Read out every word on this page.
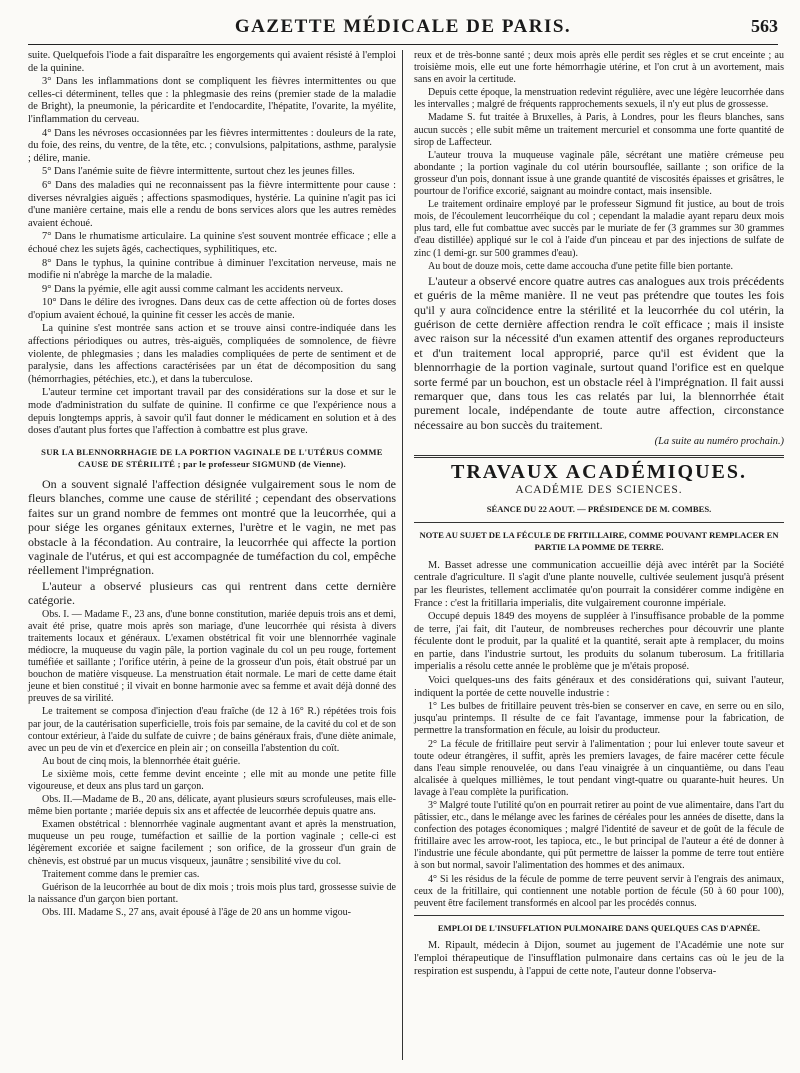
GAZETTE MÉDICALE DE PARIS.	563

suite. Quelquefois l'iode a fait disparaître les engorgements qui avaient résisté à l'emploi de la quinine.

3° Dans les inflammations dont se compliquent les fièvres intermittentes ou que celles-ci déterminent, telles que : la phlegmasie des reins (premier stade de la maladie de Bright), la pneumonie, la péricardite et l'endocardite, l'hépatite, l'ovarite, la myélite, l'inflammation du cerveau.

4° Dans les névroses occasionnées par les fièvres intermittentes : douleurs de la rate, du foie, des reins, du ventre, de la tête, etc. ; convulsions, palpitations, asthme, paralysie ; délire, manie.

5° Dans l'anémie suite de fièvre intermittente, surtout chez les jeunes filles.

6° Dans des maladies qui ne reconnaissent pas la fièvre intermittente pour cause : diverses névralgies aiguës ; affections spasmodiques, hystérie. La quinine n'agit pas ici d'une manière certaine, mais elle a rendu de bons services alors que les autres remèdes avaient échoué.

7° Dans le rhumatisme articulaire. La quinine s'est souvent montrée efficace ; elle a échoué chez les sujets âgés, cachectiques, syphilitiques, etc.

8° Dans le typhus, la quinine contribue à diminuer l'excitation nerveuse, mais ne modifie ni n'abrège la marche de la maladie.

9° Dans la pyémie, elle agit aussi comme calmant les accidents nerveux.

10° Dans le délire des ivrognes. Dans deux cas de cette affection où de fortes doses d'opium avaient échoué, la quinine fit cesser les accès de manie.

La quinine s'est montrée sans action et se trouve ainsi contre-indiquée dans les affections périodiques ou autres, très-aiguës, compliquées de somnolence, de fièvre violente, de phlegmasies ; dans les maladies compliquées de perte de sentiment et de paralysie, dans les affections caractérisées par un état de décomposition du sang (hémorrhagies, pétéchies, etc.), et dans la tuberculose.

L'auteur termine cet important travail par des considérations sur la dose et sur le mode d'administration du sulfate de quinine. Il confirme ce que l'expérience nous a depuis longtemps appris, à savoir qu'il faut donner le médicament en solution et à des doses d'autant plus fortes que l'affection à combattre est plus grave.

SUR LA BLENNORRHAGIE DE LA PORTION VAGINALE DE L'UTÉRUS COMME CAUSE DE STÉRILITÉ ; par le professeur SIGMUND (de Vienne).

On a souvent signalé l'affection désignée vulgairement sous le nom de fleurs blanches, comme une cause de stérilité ; cependant des observations faites sur un grand nombre de femmes ont montré que la leucorrhée, qui a pour siége les organes génitaux externes, l'urètre et le vagin, ne met pas obstacle à la fécondation. Au contraire, la leucorrhée qui affecte la portion vaginale de l'utérus, et qui est accompagnée de tuméfaction du col, empêche réellement l'imprégnation.

L'auteur a observé plusieurs cas qui rentrent dans cette dernière catégorie.

Obs. I. — Madame F., 23 ans, d'une bonne constitution, mariée depuis trois ans et demi, avait été prise, quatre mois après son mariage, d'une leucorrhée qui résista à divers traitements locaux et généraux. L'examen obstétrical fit voir une blennorrhée vaginale médiocre, la muqueuse du vagin pâle, la portion vaginale du col un peu rouge, fortement tuméfiée et saillante ; l'orifice utérin, à peine de la grosseur d'un pois, était obstrué par un bouchon de matière visqueuse. La menstruation était normale. Le mari de cette dame était jeune et bien constitué ; il vivait en bonne harmonie avec sa femme et avait déjà donné des preuves de sa virilité.

Le traitement se composa d'injection d'eau fraîche (de 12 à 16° R.) répétées trois fois par jour, de la cautérisation superficielle, trois fois par semaine, de la cavité du col et de son contour extérieur, à l'aide du sulfate de cuivre ; de bains généraux frais, d'une diète animale, avec un peu de vin et d'exercice en plein air ; on conseilla l'abstention du coït.

Au bout de cinq mois, la blennorrhée était guérie.

Le sixième mois, cette femme devint enceinte ; elle mit au monde une petite fille vigoureuse, et deux ans plus tard un garçon.

Obs. II.—Madame de B., 20 ans, délicate, ayant plusieurs sœurs scrofuleuses, mais elle-même bien portante ; mariée depuis six ans et affectée de leucorrhée depuis quatre ans.

Examen obstétrical : blennorrhée vaginale augmentant avant et après la menstruation, muqueuse un peu rouge, tuméfaction et saillie de la portion vaginale ; celle-ci est légèrement excoriée et saigne facilement ; son orifice, de la grosseur d'un grain de chènevis, est obstrué par un mucus visqueux, jaunâtre ; sensibilité vive du col.

Traitement comme dans le premier cas.

Guérison de la leucorrhée au bout de dix mois ; trois mois plus tard, grossesse suivie de la naissance d'un garçon bien portant.

Obs. III. Madame S., 27 ans, avait épousé à l'âge de 20 ans un homme vigou-

reux et de très-bonne santé ; deux mois après elle perdit ses règles et se crut enceinte ; au troisième mois, elle eut une forte hémorrhagie utérine, et l'on crut à un avortement, mais sans en avoir la certitude.

Depuis cette époque, la menstruation redevint régulière, avec une légère leucorrhée dans les intervalles ; malgré de fréquents rapprochements sexuels, il n'y eut plus de grossesse.

Madame S. fut traitée à Bruxelles, à Paris, à Londres, pour les fleurs blanches, sans aucun succès ; elle subit même un traitement mercuriel et consomma une forte quantité de sirop de Laffecteur.

L'auteur trouva la muqueuse vaginale pâle, sécrétant une matière crémeuse peu abondante ; la portion vaginale du col utérin boursouflée, saillante ; son orifice de la grosseur d'un pois, donnant issue à une grande quantité de viscosités épaisses et grisâtres, le pourtour de l'orifice excorié, saignant au moindre contact, mais insensible.

Le traitement ordinaire employé par le professeur Sigmund fit justice, au bout de trois mois, de l'écoulement leucorrhéique du col ; cependant la maladie ayant reparu deux mois plus tard, elle fut combattue avec succès par le muriate de fer (3 grammes sur 30 grammes d'eau distillée) appliqué sur le col à l'aide d'un pinceau et par des injections de sulfate de zinc (1 demi-gr. sur 500 grammes d'eau).

Au bout de douze mois, cette dame accoucha d'une petite fille bien portante.

L'auteur a observé encore quatre autres cas analogues aux trois précédents et guéris de la même manière. Il ne veut pas prétendre que toutes les fois qu'il y aura coïncidence entre la stérilité et la leucorrhée du col utérin, la guérison de cette dernière affection rendra le coït efficace ; mais il insiste avec raison sur la nécessité d'un examen attentif des organes reproducteurs et d'un traitement local approprié, parce qu'il est évident que la blennorrhagie de la portion vaginale, surtout quand l'orifice est en quelque sorte fermé par un bouchon, est un obstacle réel à l'imprégnation. Il fait aussi remarquer que, dans tous les cas relatés par lui, la blennorrhée était purement locale, indépendante de toute autre affection, circonstance nécessaire au bon succès du traitement.

(La suite au numéro prochain.)
TRAVAUX ACADÉMIQUES.
ACADÉMIE DES SCIENCES.
SÉANCE DU 22 AOUT. — PRÉSIDENCE DE M. COMBES.
NOTE AU SUJET DE LA FÉCULE DE FRITILLAIRE, COMME POUVANT REMPLACER EN PARTIE LA POMME DE TERRE.

M. Basset adresse une communication accueillie déjà avec intérêt par la Société centrale d'agriculture. Il s'agit d'une plante nouvelle, cultivée seulement jusqu'à présent par les fleuristes, tellement acclimatée qu'on pourrait la considérer comme indigène en France : c'est la fritillaria imperialis, dite vulgairement couronne impériale.

Occupé depuis 1849 des moyens de suppléer à l'insuffisance probable de la pomme de terre, j'ai fait, dit l'auteur, de nombreuses recherches pour découvrir une plante féculente dont le produit, par la qualité et la quantité, serait apte à remplacer, du moins en partie, dans l'industrie surtout, les produits du solanum tuberosum. La fritillaria imperialis a résolu cette année le problème que je m'étais proposé.

Voici quelques-uns des faits généraux et des considérations qui, suivant l'auteur, indiquent la portée de cette nouvelle industrie :

1° Les bulbes de fritillaire peuvent très-bien se conserver en cave, en serre ou en silo, jusqu'au printemps. Il résulte de ce fait l'avantage, immense pour la fabrication, de permettre la transformation en fécule, au loisir du producteur.

2° La fécule de fritillaire peut servir à l'alimentation ; pour lui enlever toute saveur et toute odeur étrangères, il suffit, après les premiers lavages, de faire macérer cette fécule dans l'eau simple renouvelée, ou dans l'eau vinaigrée à un cinquantième, ou dans l'eau alcalisée à quelques millièmes, le tout pendant vingt-quatre ou quarante-huit heures. Un lavage à l'eau complète la purification.

3° Malgré toute l'utilité qu'on en pourrait retirer au point de vue alimentaire, dans l'art du pâtissier, etc., dans le mélange avec les farines de céréales pour les années de disette, dans la confection des potages économiques ; malgré l'identité de saveur et de goût de la fécule de fritillaire avec les arrow-root, les tapioca, etc., le but principal de l'auteur a été de donner à l'industrie une fécule abondante, qui pût permettre de laisser la pomme de terre tout entière à son but normal, savoir l'alimentation des hommes et des animaux.

4° Si les résidus de la fécule de pomme de terre peuvent servir à l'engrais des animaux, ceux de la fritillaire, qui contiennent une notable portion de fécule (50 à 60 pour 100), peuvent être facilement transformés en alcool par les procédés connus.

EMPLOI DE L'INSUFFLATION PULMONAIRE DANS QUELQUES CAS D'APNÉE.

M. Ripault, médecin à Dijon, soumet au jugement de l'Académie une note sur l'emploi thérapeutique de l'insufflation pulmonaire dans certains cas où le jeu de la respiration est suspendu, à l'appui de cette note, l'auteur donne l'observa-
